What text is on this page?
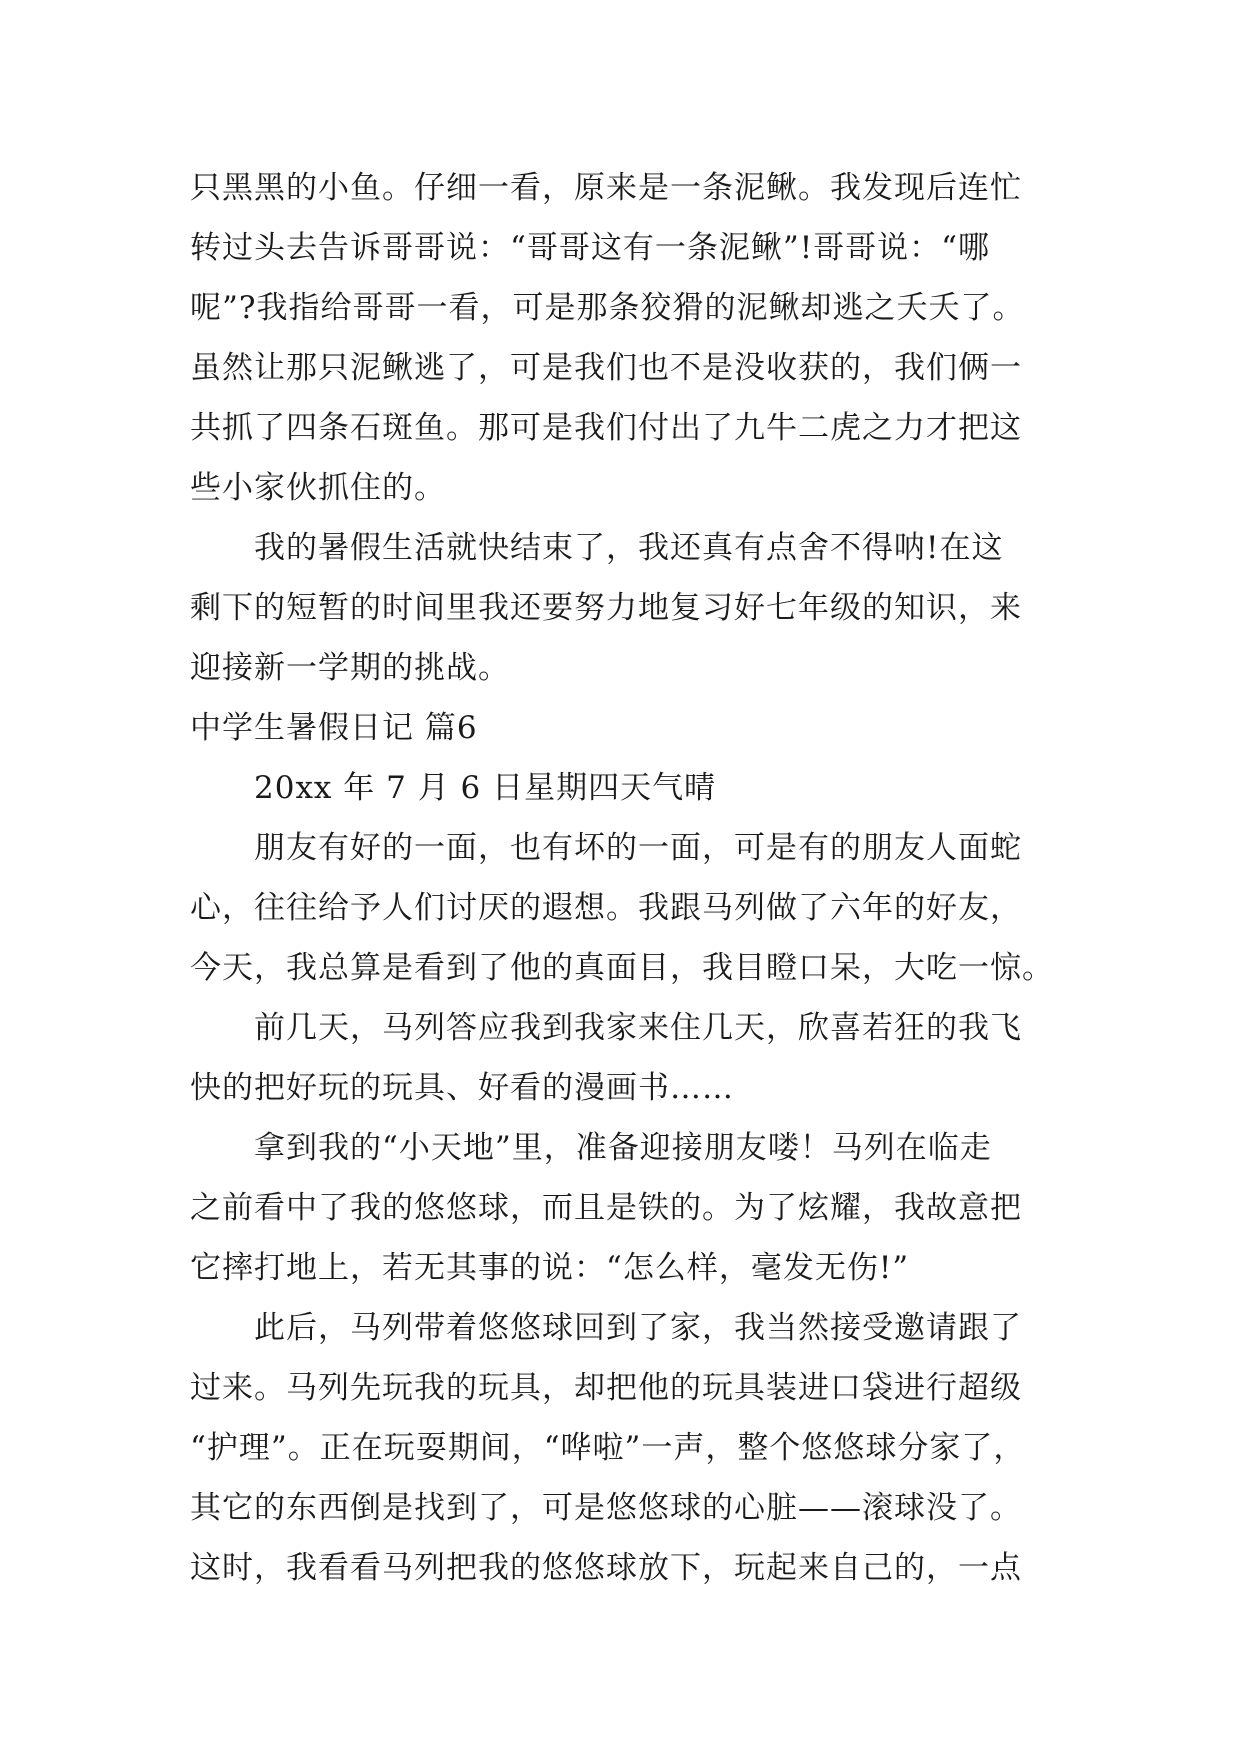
只黑黑的小鱼。仔细一看，原来是一条泥鳅。我发现后连忙
转过头去告诉哥哥说：“哥哥这有一条泥鳅”!哥哥说：“哪
呢”?我指给哥哥一看，可是那条狡猾的泥鳅却逃之夭夭了。
虽然让那只泥鳅逃了，可是我们也不是没收获的，我们俩一
共抓了四条石斑鱼。那可是我们付出了九牛二虎之力才把这
些小家伙抓住的。
我的暑假生活就快结束了，我还真有点舍不得呐!在这
剩下的短暂的时间里我还要努力地复习好七年级的知识，来
迎接新一学期的挑战。
中学生暑假日记 篇6
20xx 年 7 月 6 日星期四天气晴
朋友有好的一面，也有坏的一面，可是有的朋友人面蛇
心，往往给予人们讨厌的遐想。我跟马列做了六年的好友，
今天，我总算是看到了他的真面目，我目瞪口呆，大吃一惊。
前几天，马列答应我到我家来住几天，欣喜若狂的我飞
快的把好玩的玩具、好看的漫画书……
拿到我的“小天地”里，准备迎接朋友喽！马列在临走
之前看中了我的悠悠球，而且是铁的。为了炫耀，我故意把
它摔打地上，若无其事的说：“怎么样，毫发无伤!”
此后，马列带着悠悠球回到了家，我当然接受邀请跟了
过来。马列先玩我的玩具，却把他的玩具装进口袋进行超级
“护理”。正在玩耍期间，“哗啦”一声，整个悠悠球分家了，
其它的东西倒是找到了，可是悠悠球的心脏——滚球没了。
这时，我看看马列把我的悠悠球放下，玩起来自己的，一点
